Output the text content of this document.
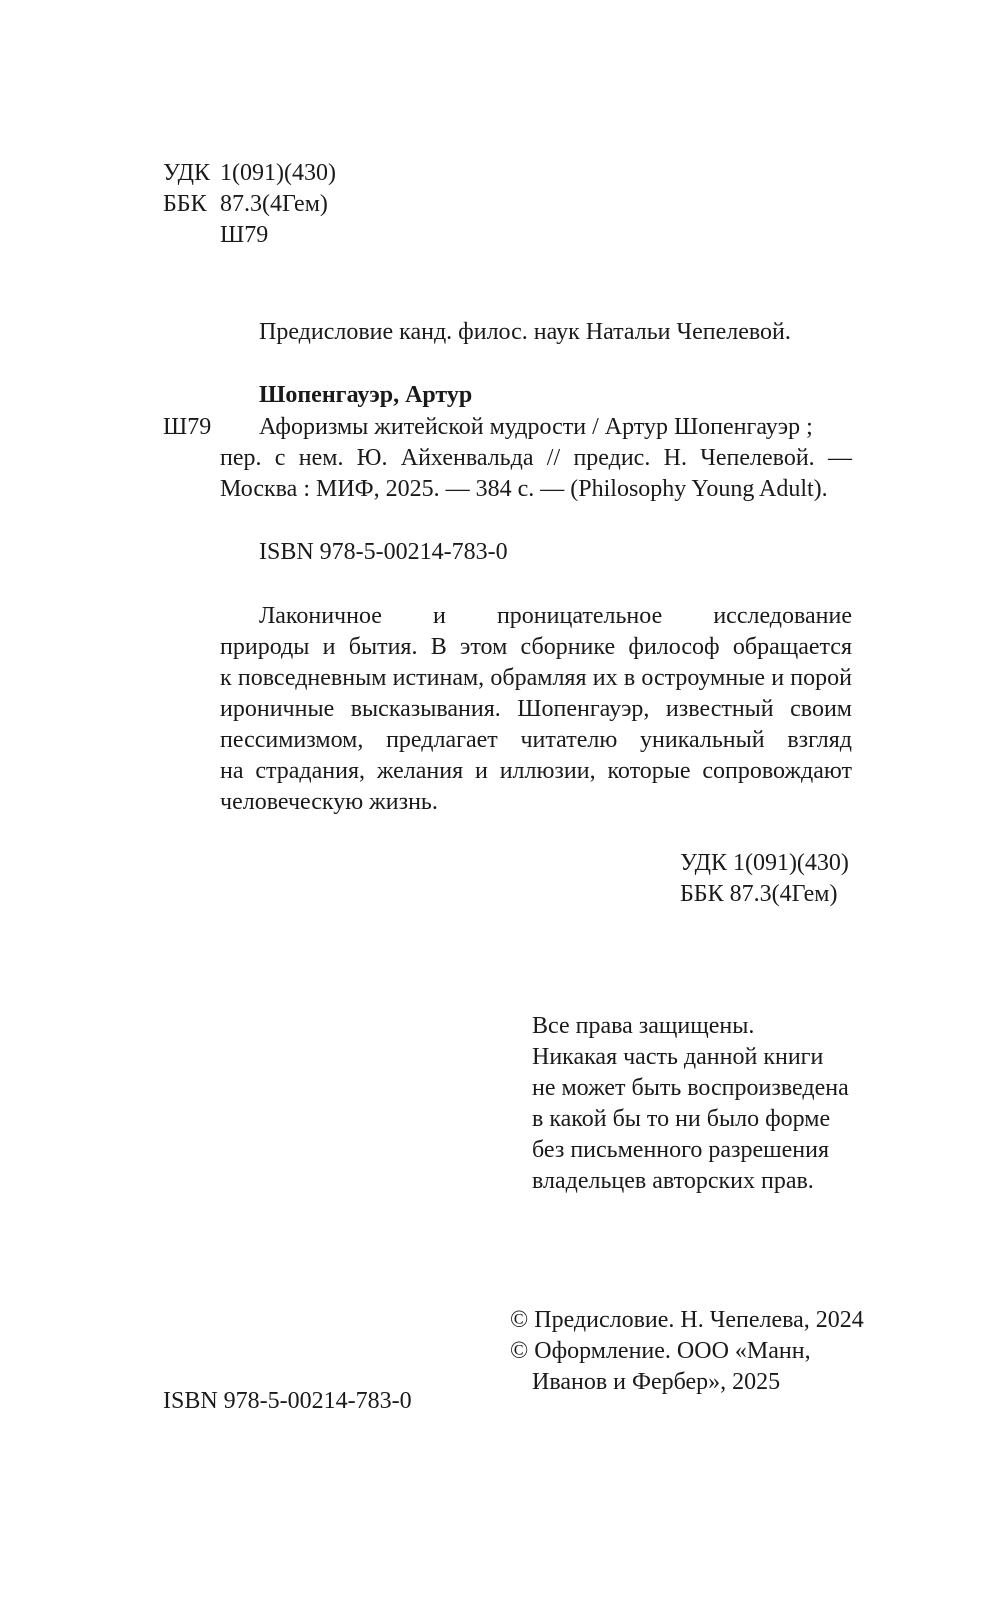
УДК 1(091)(430)
ББК 87.3(4Гем)
Ш79
Предисловие канд. филос. наук Натальи Чепелевой.
Шопенгауэр, Артур
Ш79 Афоризмы житейской мудрости / Артур Шопенгауэр ;
пер. с нем. Ю. Айхенвальда // предис. Н. Чепелевой. —
Москва : МИФ, 2025. — 384 с. — (Philosophy Young Adult).
ISBN 978-5-00214-783-0
Лаконичное и проницательное исследование
природы и бытия. В этом сборнике философ обращается
к повседневным истинам, обрамляя их в остроумные и порой
ироничные высказывания. Шопенгауэр, известный своим
пессимизмом, предлагает читателю уникальный взгляд
на страдания, желания и иллюзии, которые сопровождают
человеческую жизнь.
УДК 1(091)(430)
ББК 87.3(4Гем)
Все права защищены.
Никакая часть данной книги
не может быть воспроизведена
в какой бы то ни было форме
без письменного разрешения
владельцев авторских прав.
© Предисловие. Н. Чепелева, 2024
© Оформление. ООО «Манн,
Иванов и Фербер», 2025
ISBN 978-5-00214-783-0
